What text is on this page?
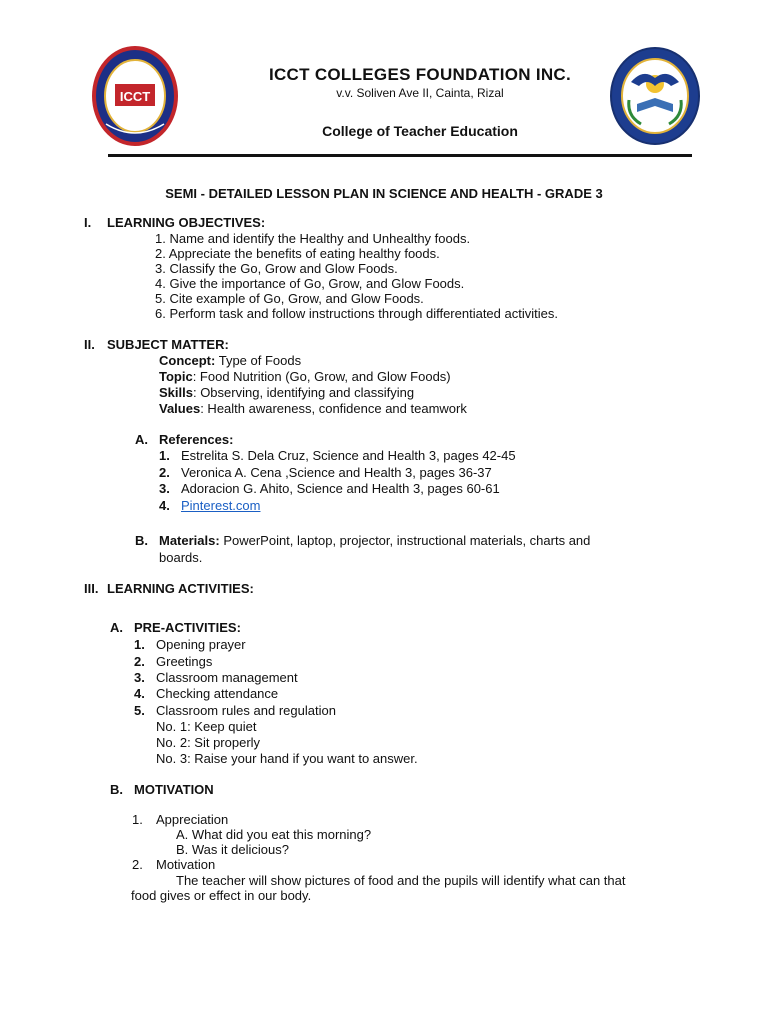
ICCT
ICCT COLLEGES FOUNDATION INC.
v.v. Soliven Ave II, Cainta, Rizal
College of Teacher Education
SEMI - DETAILED LESSON PLAN IN SCIENCE AND HEALTH - GRADE 3
I. LEARNING OBJECTIVES:
1. Name and identify the Healthy and Unhealthy foods.
2. Appreciate the benefits of eating healthy foods.
3. Classify the Go, Grow and Glow Foods.
4. Give the importance of Go, Grow, and Glow Foods.
5. Cite example of Go, Grow, and Glow Foods.
6. Perform task and follow instructions through differentiated activities.
II. SUBJECT MATTER:
Concept: Type of Foods
Topic: Food Nutrition (Go, Grow, and Glow Foods)
Skills: Observing, identifying and classifying
Values: Health awareness, confidence and teamwork
A. References:
1. Estrelita S. Dela Cruz, Science and Health 3, pages 42-45
2. Veronica A. Cena ,Science and Health 3, pages 36-37
3. Adoracion G. Ahito, Science and Health 3, pages 60-61
4. Pinterest.com
B. Materials: PowerPoint, laptop, projector, instructional materials, charts and
boards.
III. LEARNING ACTIVITIES:
A. PRE-ACTIVITIES:
1. Opening prayer
2. Greetings
3. Classroom management
4. Checking attendance
5. Classroom rules and regulation
No. 1: Keep quiet
No. 2: Sit properly
No. 3: Raise your hand if you want to answer.
B. MOTIVATION
1. Appreciation
A. What did you eat this morning?
B. Was it delicious?
2. Motivation
The teacher will show pictures of food and the pupils will identify what can that
food gives or effect in our body.
